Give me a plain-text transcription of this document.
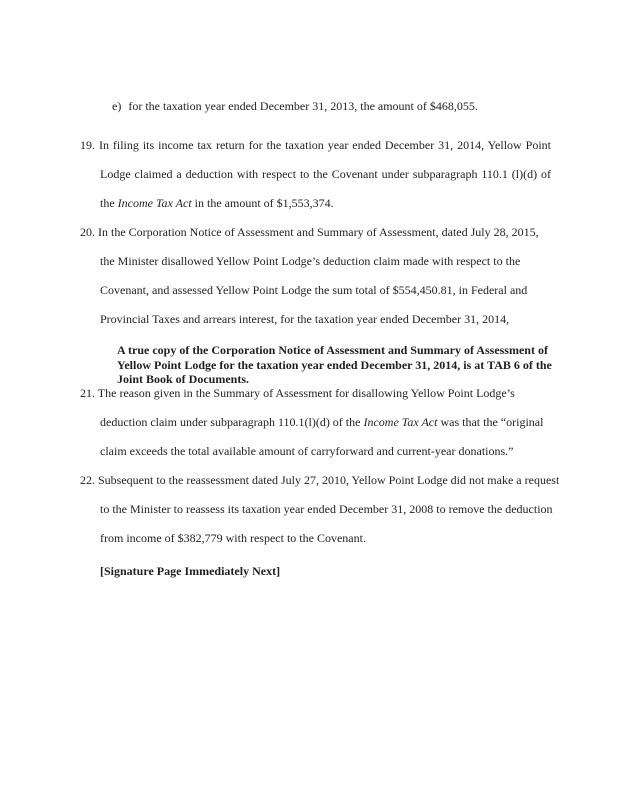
e) for the taxation year ended December 31, 2013, the amount of $468,055.
19. In filing its income tax return for the taxation year ended December 31, 2014, Yellow Point
Lodge claimed a deduction with respect to the Covenant under subparagraph 110.1 (l)(d) of
the Income Tax Act in the amount of $1,553,374.
20. In the Corporation Notice of Assessment and Summary of Assessment, dated July 28, 2015,
the Minister disallowed Yellow Point Lodge’s deduction claim made with respect to the
Covenant, and assessed Yellow Point Lodge the sum total of $554,450.81, in Federal and
Provincial Taxes and arrears interest, for the taxation year ended December 31, 2014,
A true copy of the Corporation Notice of Assessment and Summary of Assessment of
Yellow Point Lodge for the taxation year ended December 31, 2014, is at TAB 6 of the
Joint Book of Documents.
21. The reason given in the Summary of Assessment for disallowing Yellow Point Lodge’s
deduction claim under subparagraph 110.1(l)(d) of the Income Tax Act was that the “original
claim exceeds the total available amount of carryforward and current-year donations.”
22. Subsequent to the reassessment dated July 27, 2010, Yellow Point Lodge did not make a request
to the Minister to reassess its taxation year ended December 31, 2008 to remove the deduction
from income of $382,779 with respect to the Covenant.
[Signature Page Immediately Next]
